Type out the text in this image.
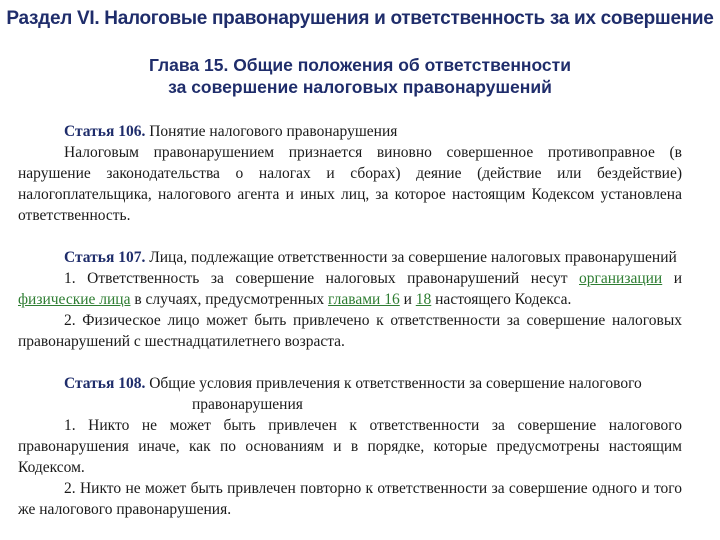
Раздел VI. Налоговые правонарушения и ответственность за их совершение
Глава 15. Общие положения об ответственности
за совершение налоговых правонарушений
Статья 106. Понятие налогового правонарушения

Налоговым правонарушением признается виновно совершенное противоправное (в нарушение законодательства о налогах и сборах) деяние (действие или бездействие) налогоплательщика, налогового агента и иных лиц, за которое настоящим Кодексом установлена ответственность.

Статья 107. Лица, подлежащие ответственности за совершение налоговых правонарушений

1. Ответственность за совершение налоговых правонарушений несут организации и физические лица в случаях, предусмотренных главами 16 и 18 настоящего Кодекса.

2. Физическое лицо может быть привлечено к ответственности за совершение налоговых правонарушений с шестнадцатилетнего возраста.

Статья 108. Общие условия привлечения к ответственности за совершение налогового
правонарушения

1. Никто не может быть привлечен к ответственности за совершение налогового правонарушения иначе, как по основаниям и в порядке, которые предусмотрены настоящим Кодексом.

2. Никто не может быть привлечен повторно к ответственности за совершение одного и того же налогового правонарушения.
